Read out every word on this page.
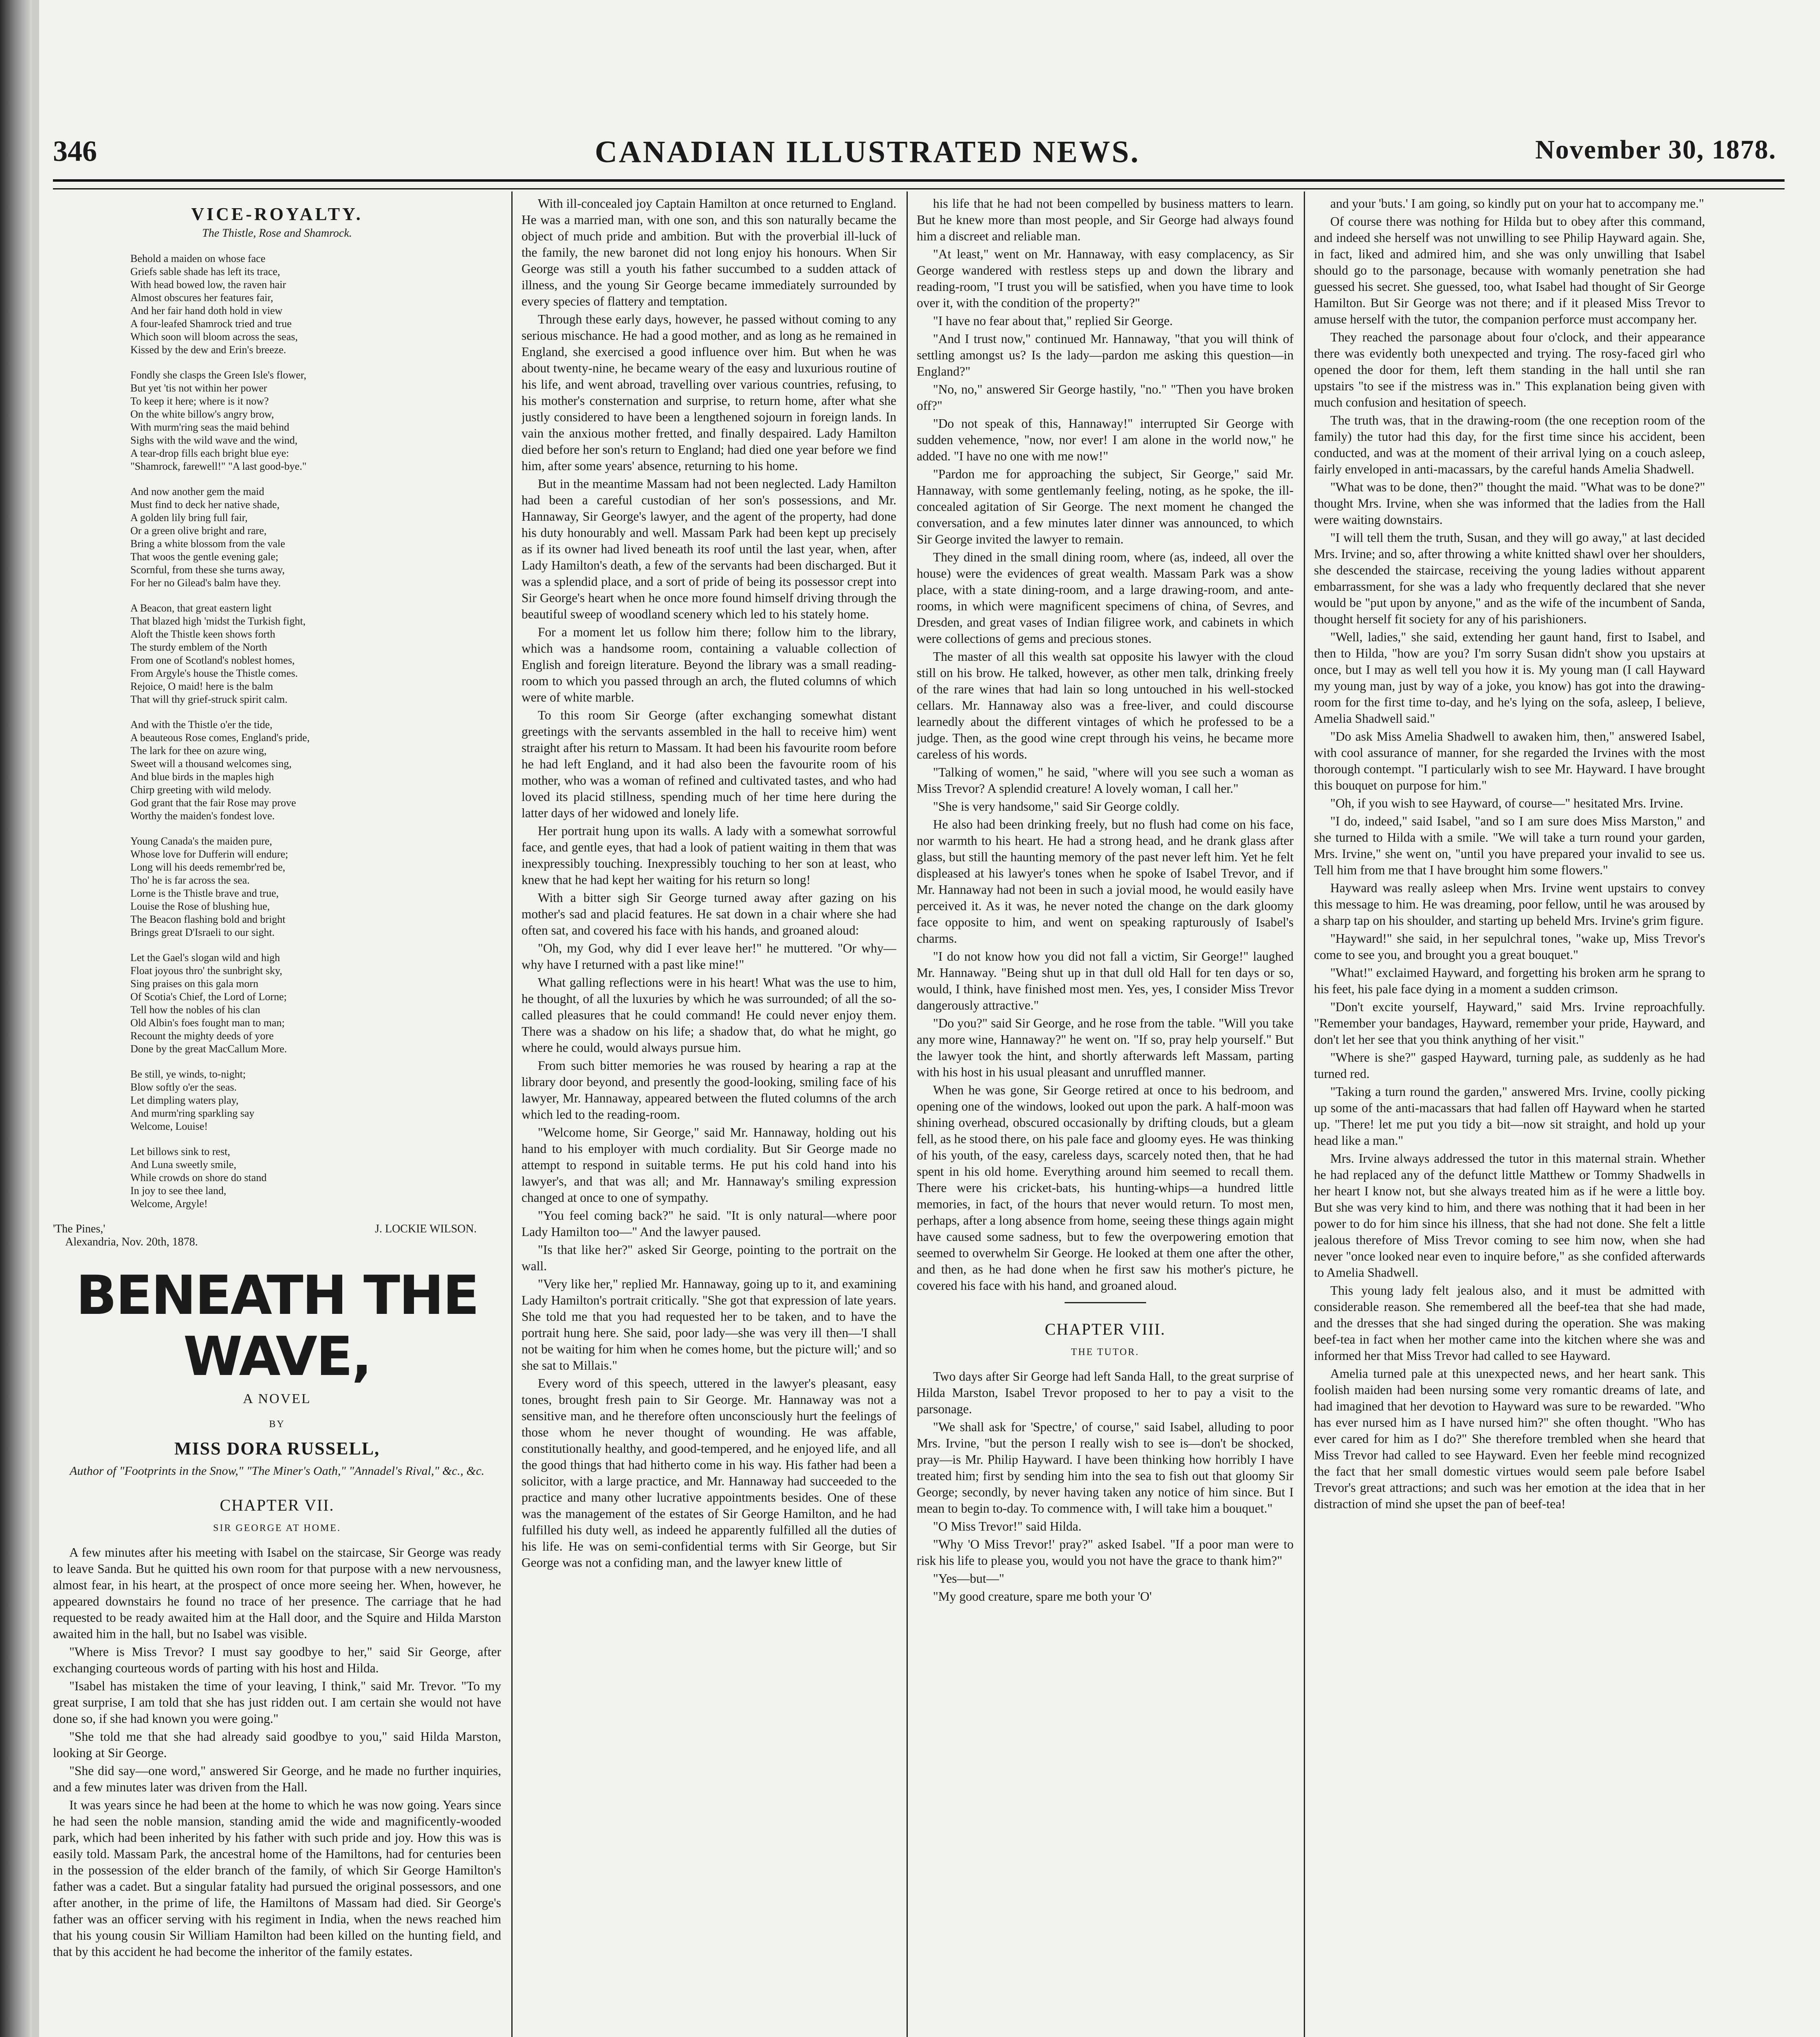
346	CANADIAN ILLUSTRATED NEWS.	November 30, 1878.
VICE-ROYALTY.
The Thistle, Rose and Shamrock.
Behold a maiden on whose face
Griefs sable shade has left its trace,
With head bowed low, the raven hair
Almost obscures her features fair,
And her fair hand doth hold in view
A four-leafed Shamrock tried and true
Which soon will bloom across the seas,
Kissed by the dew and Erin's breeze.
Fondly she clasps the Green Isle's flower,
But yet 'tis not within her power
To keep it here; where is it now?
On the white billow's angry brow,
With murm'ring seas the maid behind
Sighs with the wild wave and the wind,
A tear-drop fills each bright blue eye:
"Shamrock, farewell!" "A last good-bye."
And now another gem the maid
Must find to deck her native shade,
A golden lily bring full fair,
Or a green olive bright and rare,
Bring a white blossom from the vale
That woos the gentle evening gale;
Scornful, from these she turns away,
For her no Gilead's balm have they.
A Beacon, that great eastern light
That blazed high 'midst the Turkish fight,
Aloft the Thistle keen shows forth
The sturdy emblem of the North
From one of Scotland's noblest homes,
From Argyle's house the Thistle comes.
Rejoice, O maid! here is the balm
That will thy grief-struck spirit calm.
And with the Thistle o'er the tide,
A beauteous Rose comes, England's pride,
The lark for thee on azure wing,
Sweet will a thousand welcomes sing,
And blue birds in the maples high
Chirp greeting with wild melody.
God grant that the fair Rose may prove
Worthy the maiden's fondest love.
Young Canada's the maiden pure,
Whose love for Dufferin will endure;
Long will his deeds remembr'red be,
Tho' he is far across the sea.
Lorne is the Thistle brave and true,
Louise the Rose of blushing hue,
The Beacon flashing bold and bright
Brings great D'Israeli to our sight.
Let the Gael's slogan wild and high
Float joyous thro' the sunbright sky,
Sing praises on this gala morn
Of Scotia's Chief, the Lord of Lorne;
Tell how the nobles of his clan
Old Albin's foes fought man to man;
Recount the mighty deeds of yore
Done by the great MacCallum More.
Be still, ye winds, to-night;
Blow softly o'er the seas.
Let dimpling waters play,
And murm'ring sparkling say
Welcome, Louise!
Let billows sink to rest,
And Luna sweetly smile,
While crowds on shore do stand
In joy to see thee land,
Welcome, Argyle!
'The Pines,'	J. LOCKIE WILSON.
Alexandria, Nov. 20th, 1878.
BENEATH THE WAVE,
A NOVEL
BY
MISS DORA RUSSELL,
Author of "Footprints in the Snow," "The Miner's Oath," "Annadel's Rival," &c., &c.
CHAPTER VII.
SIR GEORGE AT HOME.

A few minutes after his meeting with Isabel on the staircase, Sir George was ready to leave Sanda. But he quitted his own room for that purpose with a new nervousness, almost fear, in his heart, at the prospect of once more seeing her. When, however, he appeared downstairs he found no trace of her presence. The carriage that he had requested to be ready awaited him at the Hall door, and the Squire and Hilda Marston awaited him in the hall, but no Isabel was visible.

"Where is Miss Trevor? I must say goodbye to her," said Sir George, after exchanging courteous words of parting with his host and Hilda.

"Isabel has mistaken the time of your leaving, I think," said Mr. Trevor. "To my great surprise, I am told that she has just ridden out. I am certain she would not have done so, if she had known you were going."

"She told me that she had already said goodbye to you," said Hilda Marston, looking at Sir George.

"She did say—one word," answered Sir George, and he made no further inquiries, and a few minutes later was driven from the Hall.

It was years since he had been at the home to which he was now going. Years since he had seen the noble mansion, standing amid the wide and magnificently-wooded park, which had been inherited by his father with such pride and joy. How this was is easily told. Massam Park, the ancestral home of the Hamiltons, had for centuries been in the possession of the elder branch of the family, of which Sir George Hamilton's father was a cadet. But a singular fatality had pursued the original possessors, and one after another, in the prime of life, the Hamiltons of Massam had died. Sir George's father was an officer serving with his regiment in India, when the news reached him that his young cousin Sir William Hamilton had been killed on the hunting field, and that by this accident he had become the inheritor of the family estates.

With ill-concealed joy Captain Hamilton at once returned to England. He was a married man, with one son, and this son naturally became the object of much pride and ambition. But with the proverbial ill-luck of the family, the new baronet did not long enjoy his honours. When Sir George was still a youth his father succumbed to a sudden attack of illness, and the young Sir George became immediately surrounded by every species of flattery and temptation.

Through these early days, however, he passed without coming to any serious mischance. He had a good mother, and as long as he remained in England, she exercised a good influence over him. But when he was about twenty-nine, he became weary of the easy and luxurious routine of his life, and went abroad, travelling over various countries, refusing, to his mother's consternation and surprise, to return home, after what she justly considered to have been a lengthened sojourn in foreign lands. In vain the anxious mother fretted, and finally despaired. Lady Hamilton died before her son's return to England; had died one year before we find him, after some years' absence, returning to his home.

But in the meantime Massam had not been neglected. Lady Hamilton had been a careful custodian of her son's possessions, and Mr. Hannaway, Sir George's lawyer, and the agent of the property, had done his duty honourably and well. Massam Park had been kept up precisely as if its owner had lived beneath its roof until the last year, when, after Lady Hamilton's death, a few of the servants had been discharged. But it was a splendid place, and a sort of pride of being its possessor crept into Sir George's heart when he once more found himself driving through the beautiful sweep of woodland scenery which led to his stately home.

For a moment let us follow him there; follow him to the library, which was a handsome room, containing a valuable collection of English and foreign literature. Beyond the library was a small reading-room to which you passed through an arch, the fluted columns of which were of white marble.

To this room Sir George (after exchanging somewhat distant greetings with the servants assembled in the hall to receive him) went straight after his return to Massam. It had been his favourite room before he had left England, and it had also been the favourite room of his mother, who was a woman of refined and cultivated tastes, and who had loved its placid stillness, spending much of her time here during the latter days of her widowed and lonely life.

Her portrait hung upon its walls. A lady with a somewhat sorrowful face, and gentle eyes, that had a look of patient waiting in them that was inexpressibly touching. Inexpressibly touching to her son at least, who knew that he had kept her waiting for his return so long!

With a bitter sigh Sir George turned away after gazing on his mother's sad and placid features. He sat down in a chair where she had often sat, and covered his face with his hands, and groaned aloud:

"Oh, my God, why did I ever leave her!" he muttered. "Or why—why have I returned with a past like mine!"

What galling reflections were in his heart! What was the use to him, he thought, of all the luxuries by which he was surrounded; of all the so-called pleasures that he could command! He could never enjoy them. There was a shadow on his life; a shadow that, do what he might, go where he could, would always pursue him.

From such bitter memories he was roused by hearing a rap at the library door beyond, and presently the good-looking, smiling face of his lawyer, Mr. Hannaway, appeared between the fluted columns of the arch which led to the reading-room.

"Welcome home, Sir George," said Mr. Hannaway, holding out his hand to his employer with much cordiality. But Sir George made no attempt to respond in suitable terms. He put his cold hand into his lawyer's, and that was all; and Mr. Hannaway's smiling expression changed at once to one of sympathy.

"You feel coming back?" he said. "It is only natural—where poor Lady Hamilton too—" And the lawyer paused.

"Is that like her?" asked Sir George, pointing to the portrait on the wall.

"Very like her," replied Mr. Hannaway, going up to it, and examining Lady Hamilton's portrait critically. "She got that expression of late years. She told me that you had requested her to be taken, and to have the portrait hung here. She said, poor lady—she was very ill then—'I shall not be waiting for him when he comes home, but the picture will;' and so she sat to Millais."

Every word of this speech, uttered in the lawyer's pleasant, easy tones, brought fresh pain to Sir George. Mr. Hannaway was not a sensitive man, and he therefore often unconsciously hurt the feelings of those whom he never thought of wounding. He was affable, constitutionally healthy, and good-tempered, and he enjoyed life, and all the good things that had hitherto come in his way. His father had been a solicitor, with a large practice, and Mr. Hannaway had succeeded to the practice and many other lucrative appointments besides. One of these was the management of the estates of Sir George Hamilton, and he had fulfilled his duty well, as indeed he apparently fulfilled all the duties of his life. He was on semi-confidential terms with Sir George, but Sir George was not a confiding man, and the lawyer knew little of

his life that he had not been compelled by business matters to learn. But he knew more than most people, and Sir George had always found him a discreet and reliable man.

"At least," went on Mr. Hannaway, with easy complacency, as Sir George wandered with restless steps up and down the library and reading-room, "I trust you will be satisfied, when you have time to look over it, with the condition of the property?"

"I have no fear about that," replied Sir George.

"And I trust now," continued Mr. Hannaway, "that you will think of settling amongst us? Is the lady—pardon me asking this question—in England?"

"No, no," answered Sir George hastily, "no." "Then you have broken off?"

"Do not speak of this, Hannaway!" interrupted Sir George with sudden vehemence, "now, nor ever! I am alone in the world now," he added. "I have no one with me now!"

"Pardon me for approaching the subject, Sir George," said Mr. Hannaway, with some gentlemanly feeling, noting, as he spoke, the ill-concealed agitation of Sir George. The next moment he changed the conversation, and a few minutes later dinner was announced, to which Sir George invited the lawyer to remain.

They dined in the small dining room, where (as, indeed, all over the house) were the evidences of great wealth. Massam Park was a show place, with a state dining-room, and a large drawing-room, and ante-rooms, in which were magnificent specimens of china, of Sevres, and Dresden, and great vases of Indian filigree work, and cabinets in which were collections of gems and precious stones.

The master of all this wealth sat opposite his lawyer with the cloud still on his brow. He talked, however, as other men talk, drinking freely of the rare wines that had lain so long untouched in his well-stocked cellars. Mr. Hannaway also was a free-liver, and could discourse learnedly about the different vintages of which he professed to be a judge. Then, as the good wine crept through his veins, he became more careless of his words.

"Talking of women," he said, "where will you see such a woman as Miss Trevor? A splendid creature! A lovely woman, I call her."

"She is very handsome," said Sir George coldly.

He also had been drinking freely, but no flush had come on his face, nor warmth to his heart. He had a strong head, and he drank glass after glass, but still the haunting memory of the past never left him. Yet he felt displeased at his lawyer's tones when he spoke of Isabel Trevor, and if Mr. Hannaway had not been in such a jovial mood, he would easily have perceived it. As it was, he never noted the change on the dark gloomy face opposite to him, and went on speaking rapturously of Isabel's charms.

"I do not know how you did not fall a victim, Sir George!" laughed Mr. Hannaway. "Being shut up in that dull old Hall for ten days or so, would, I think, have finished most men. Yes, yes, I consider Miss Trevor dangerously attractive."

"Do you?" said Sir George, and he rose from the table. "Will you take any more wine, Hannaway?" he went on. "If so, pray help yourself." But the lawyer took the hint, and shortly afterwards left Massam, parting with his host in his usual pleasant and unruffled manner.

When he was gone, Sir George retired at once to his bedroom, and opening one of the windows, looked out upon the park. A half-moon was shining overhead, obscured occasionally by drifting clouds, but a gleam fell, as he stood there, on his pale face and gloomy eyes. He was thinking of his youth, of the easy, careless days, scarcely noted then, that he had spent in his old home. Everything around him seemed to recall them. There were his cricket-bats, his hunting-whips—a hundred little memories, in fact, of the hours that never would return. To most men, perhaps, after a long absence from home, seeing these things again might have caused some sadness, but to few the overpowering emotion that seemed to overwhelm Sir George. He looked at them one after the other, and then, as he had done when he first saw his mother's picture, he covered his face with his hand, and groaned aloud.

CHAPTER VIII.
THE TUTOR.

Two days after Sir George had left Sanda Hall, to the great surprise of Hilda Marston, Isabel Trevor proposed to her to pay a visit to the parsonage.

"We shall ask for 'Spectre,' of course," said Isabel, alluding to poor Mrs. Irvine, "but the person I really wish to see is—don't be shocked, pray—is Mr. Philip Hayward. I have been thinking how horribly I have treated him; first by sending him into the sea to fish out that gloomy Sir George; secondly, by never having taken any notice of him since. But I mean to begin to-day. To commence with, I will take him a bouquet."

"O Miss Trevor!" said Hilda.

"Why 'O Miss Trevor!' pray?" asked Isabel. "If a poor man were to risk his life to please you, would you not have the grace to thank him?"

"Yes—but—"

"My good creature, spare me both your 'O'

and your 'buts.' I am going, so kindly put on your hat to accompany me."

Of course there was nothing for Hilda but to obey after this command, and indeed she herself was not unwilling to see Philip Hayward again. She, in fact, liked and admired him, and she was only unwilling that Isabel should go to the parsonage, because with womanly penetration she had guessed his secret. She guessed, too, what Isabel had thought of Sir George Hamilton. But Sir George was not there; and if it pleased Miss Trevor to amuse herself with the tutor, the companion perforce must accompany her.

They reached the parsonage about four o'clock, and their appearance there was evidently both unexpected and trying. The rosy-faced girl who opened the door for them, left them standing in the hall until she ran upstairs "to see if the mistress was in." This explanation being given with much confusion and hesitation of speech.

The truth was, that in the drawing-room (the one reception room of the family) the tutor had this day, for the first time since his accident, been conducted, and was at the moment of their arrival lying on a couch asleep, fairly enveloped in anti-macassars, by the careful hands Amelia Shadwell.

"What was to be done, then?" thought the maid. "What was to be done?" thought Mrs. Irvine, when she was informed that the ladies from the Hall were waiting downstairs.

"I will tell them the truth, Susan, and they will go away," at last decided Mrs. Irvine; and so, after throwing a white knitted shawl over her shoulders, she descended the staircase, receiving the young ladies without apparent embarrassment, for she was a lady who frequently declared that she never would be "put upon by anyone," and as the wife of the incumbent of Sanda, thought herself fit society for any of his parishioners.

"Well, ladies," she said, extending her gaunt hand, first to Isabel, and then to Hilda, "how are you? I'm sorry Susan didn't show you upstairs at once, but I may as well tell you how it is. My young man (I call Hayward my young man, just by way of a joke, you know) has got into the drawing-room for the first time to-day, and he's lying on the sofa, asleep, I believe, Amelia Shadwell said."

"Do ask Miss Amelia Shadwell to awaken him, then," answered Isabel, with cool assurance of manner, for she regarded the Irvines with the most thorough contempt. "I particularly wish to see Mr. Hayward. I have brought this bouquet on purpose for him."

"Oh, if you wish to see Hayward, of course—" hesitated Mrs. Irvine.

"I do, indeed," said Isabel, "and so I am sure does Miss Marston," and she turned to Hilda with a smile. "We will take a turn round your garden, Mrs. Irvine," she went on, "until you have prepared your invalid to see us. Tell him from me that I have brought him some flowers."

Hayward was really asleep when Mrs. Irvine went upstairs to convey this message to him. He was dreaming, poor fellow, until he was aroused by a sharp tap on his shoulder, and starting up beheld Mrs. Irvine's grim figure.

"Hayward!" she said, in her sepulchral tones, "wake up, Miss Trevor's come to see you, and brought you a great bouquet."

"What!" exclaimed Hayward, and forgetting his broken arm he sprang to his feet, his pale face dying in a moment a sudden crimson.

"Don't excite yourself, Hayward," said Mrs. Irvine reproachfully. "Remember your bandages, Hayward, remember your pride, Hayward, and don't let her see that you think anything of her visit."

"Where is she?" gasped Hayward, turning pale, as suddenly as he had turned red.

"Taking a turn round the garden," answered Mrs. Irvine, coolly picking up some of the anti-macassars that had fallen off Hayward when he started up. "There! let me put you tidy a bit—now sit straight, and hold up your head like a man."

Mrs. Irvine always addressed the tutor in this maternal strain. Whether he had replaced any of the defunct little Matthew or Tommy Shadwells in her heart I know not, but she always treated him as if he were a little boy. But she was very kind to him, and there was nothing that it had been in her power to do for him since his illness, that she had not done. She felt a little jealous therefore of Miss Trevor coming to see him now, when she had never "once looked near even to inquire before," as she confided afterwards to Amelia Shadwell.

This young lady felt jealous also, and it must be admitted with considerable reason. She remembered all the beef-tea that she had made, and the dresses that she had singed during the operation. She was making beef-tea in fact when her mother came into the kitchen where she was and informed her that Miss Trevor had called to see Hayward.

Amelia turned pale at this unexpected news, and her heart sank. This foolish maiden had been nursing some very romantic dreams of late, and had imagined that her devotion to Hayward was sure to be rewarded. "Who has ever nursed him as I have nursed him?" she often thought. "Who has ever cared for him as I do?" She therefore trembled when she heard that Miss Trevor had called to see Hayward. Even her feeble mind recognized the fact that her small domestic virtues would seem pale before Isabel Trevor's great attractions; and such was her emotion at the idea that in her distraction of mind she upset the pan of beef-tea!
